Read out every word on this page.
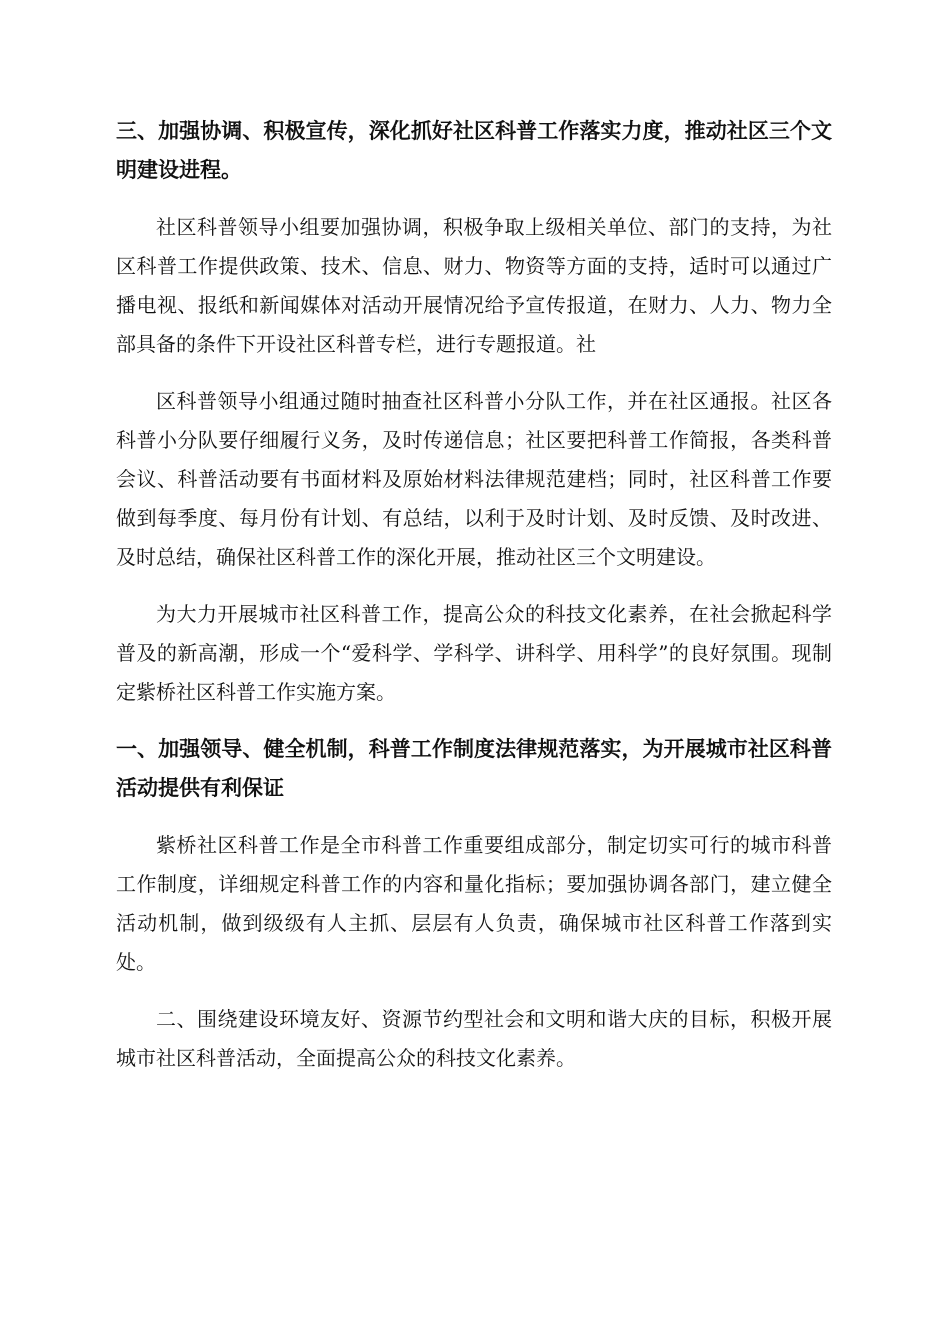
三、加强协调、积极宣传，深化抓好社区科普工作落实力度，推动社区三个文明建设进程。

社区科普领导小组要加强协调，积极争取上级相关单位、部门的支持，为社区科普工作提供政策、技术、信息、财力、物资等方面的支持，适时可以通过广播电视、报纸和新闻媒体对活动开展情况给予宣传报道，在财力、人力、物力全部具备的条件下开设社区科普专栏，进行专题报道。社

区科普领导小组通过随时抽查社区科普小分队工作，并在社区通报。社区各科普小分队要仔细履行义务，及时传递信息；社区要把科普工作简报，各类科普会议、科普活动要有书面材料及原始材料法律规范建档；同时，社区科普工作要做到每季度、每月份有计划、有总结，以利于及时计划、及时反馈、及时改进、及时总结，确保社区科普工作的深化开展，推动社区三个文明建设。

为大力开展城市社区科普工作，提高公众的科技文化素养，在社会掀起科学普及的新高潮，形成一个“爱科学、学科学、讲科学、用科学”的良好氛围。现制定紫桥社区科普工作实施方案。

一、加强领导、健全机制，科普工作制度法律规范落实，为开展城市社区科普活动提供有利保证

紫桥社区科普工作是全市科普工作重要组成部分，制定切实可行的城市科普工作制度，详细规定科普工作的内容和量化指标；要加强协调各部门，建立健全活动机制，做到级级有人主抓、层层有人负责，确保城市社区科普工作落到实处。

二、围绕建设环境友好、资源节约型社会和文明和谐大庆的目标，积极开展城市社区科普活动，全面提高公众的科技文化素养。
